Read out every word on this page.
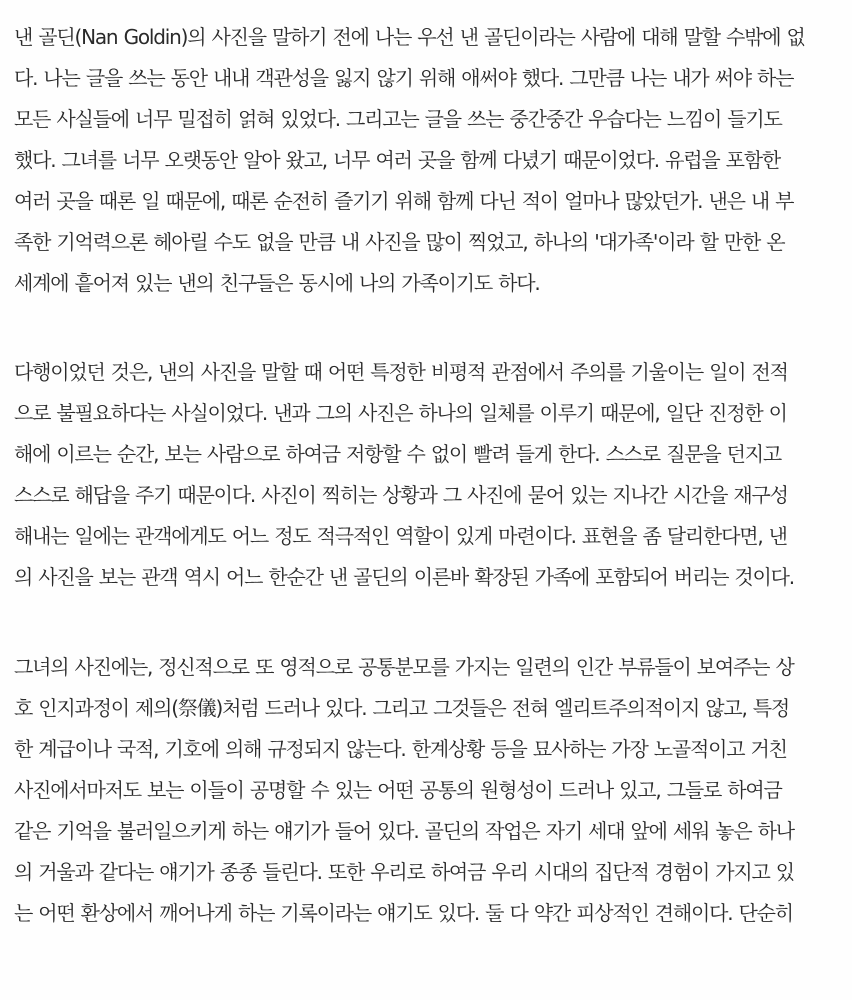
낸 골딘(Nan Goldin)의 사진을 말하기 전에 나는 우선 낸 골딘이라는 사람에 대해 말할 수밖에 없
다. 나는 글을 쓰는 동안 내내 객관성을 잃지 않기 위해 애써야 했다. 그만큼 나는 내가 써야 하는
모든 사실들에 너무 밀접히 얽혀 있었다. 그리고는 글을 쓰는 중간중간 우습다는 느낌이 들기도
했다. 그녀를 너무 오랫동안 알아 왔고, 너무 여러 곳을 함께 다녔기 때문이었다. 유럽을 포함한
여러 곳을 때론 일 때문에, 때론 순전히 즐기기 위해 함께 다닌 적이 얼마나 많았던가. 낸은 내 부
족한 기억력으론 헤아릴 수도 없을 만큼 내 사진을 많이 찍었고, 하나의 '대가족'이라 할 만한 온
세계에 흩어져 있는 낸의 친구들은 동시에 나의 가족이기도 하다.
다행이었던 것은, 낸의 사진을 말할 때 어떤 특정한 비평적 관점에서 주의를 기울이는 일이 전적
으로 불필요하다는 사실이었다. 낸과 그의 사진은 하나의 일체를 이루기 때문에, 일단 진정한 이
해에 이르는 순간, 보는 사람으로 하여금 저항할 수 없이 빨려 들게 한다. 스스로 질문을 던지고
스스로 해답을 주기 때문이다. 사진이 찍히는 상황과 그 사진에 묻어 있는 지나간 시간을 재구성
해내는 일에는 관객에게도 어느 정도 적극적인 역할이 있게 마련이다. 표현을 좀 달리한다면, 낸
의 사진을 보는 관객 역시 어느 한순간 낸 골딘의 이른바 확장된 가족에 포함되어 버리는 것이다.
그녀의 사진에는, 정신적으로 또 영적으로 공통분모를 가지는 일련의 인간 부류들이 보여주는 상
호 인지과정이 제의(祭儀)처럼 드러나 있다. 그리고 그것들은 전혀 엘리트주의적이지 않고, 특정
한 계급이나 국적, 기호에 의해 규정되지 않는다. 한계상황 등을 묘사하는 가장 노골적이고 거친
사진에서마저도 보는 이들이 공명할 수 있는 어떤 공통의 원형성이 드러나 있고, 그들로 하여금
같은 기억을 불러일으키게 하는 얘기가 들어 있다. 골딘의 작업은 자기 세대 앞에 세워 놓은 하나
의 거울과 같다는 얘기가 종종 들린다. 또한 우리로 하여금 우리 시대의 집단적 경험이 가지고 있
는 어떤 환상에서 깨어나게 하는 기록이라는 얘기도 있다. 둘 다 약간 피상적인 견해이다. 단순히
